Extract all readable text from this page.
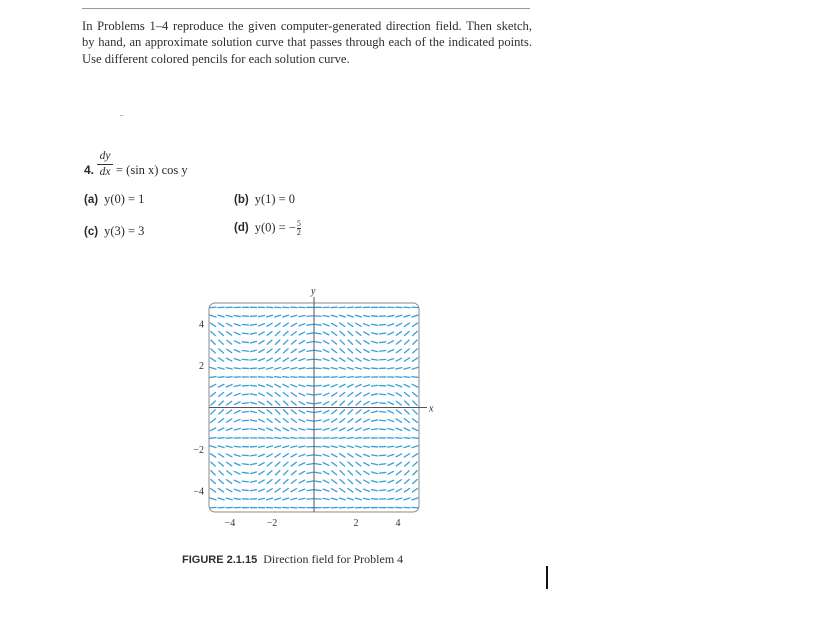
In Problems 1–4 reproduce the given computer-generated direction field. Then sketch, by hand, an approximate solution curve that passes through each of the indicated points. Use different colored pencils for each solution curve.
4.
dy
dx = (sin x) cos y
(a) y(0) = 1	(b) y(1) = 0
(c) y(3) = 3	(d) y(0) = − $\frac{5}{2}$
x
y
−4	−2	2	4
4
2
−2
−4
FIGURE 2.1.15 Direction field for Problem 4
